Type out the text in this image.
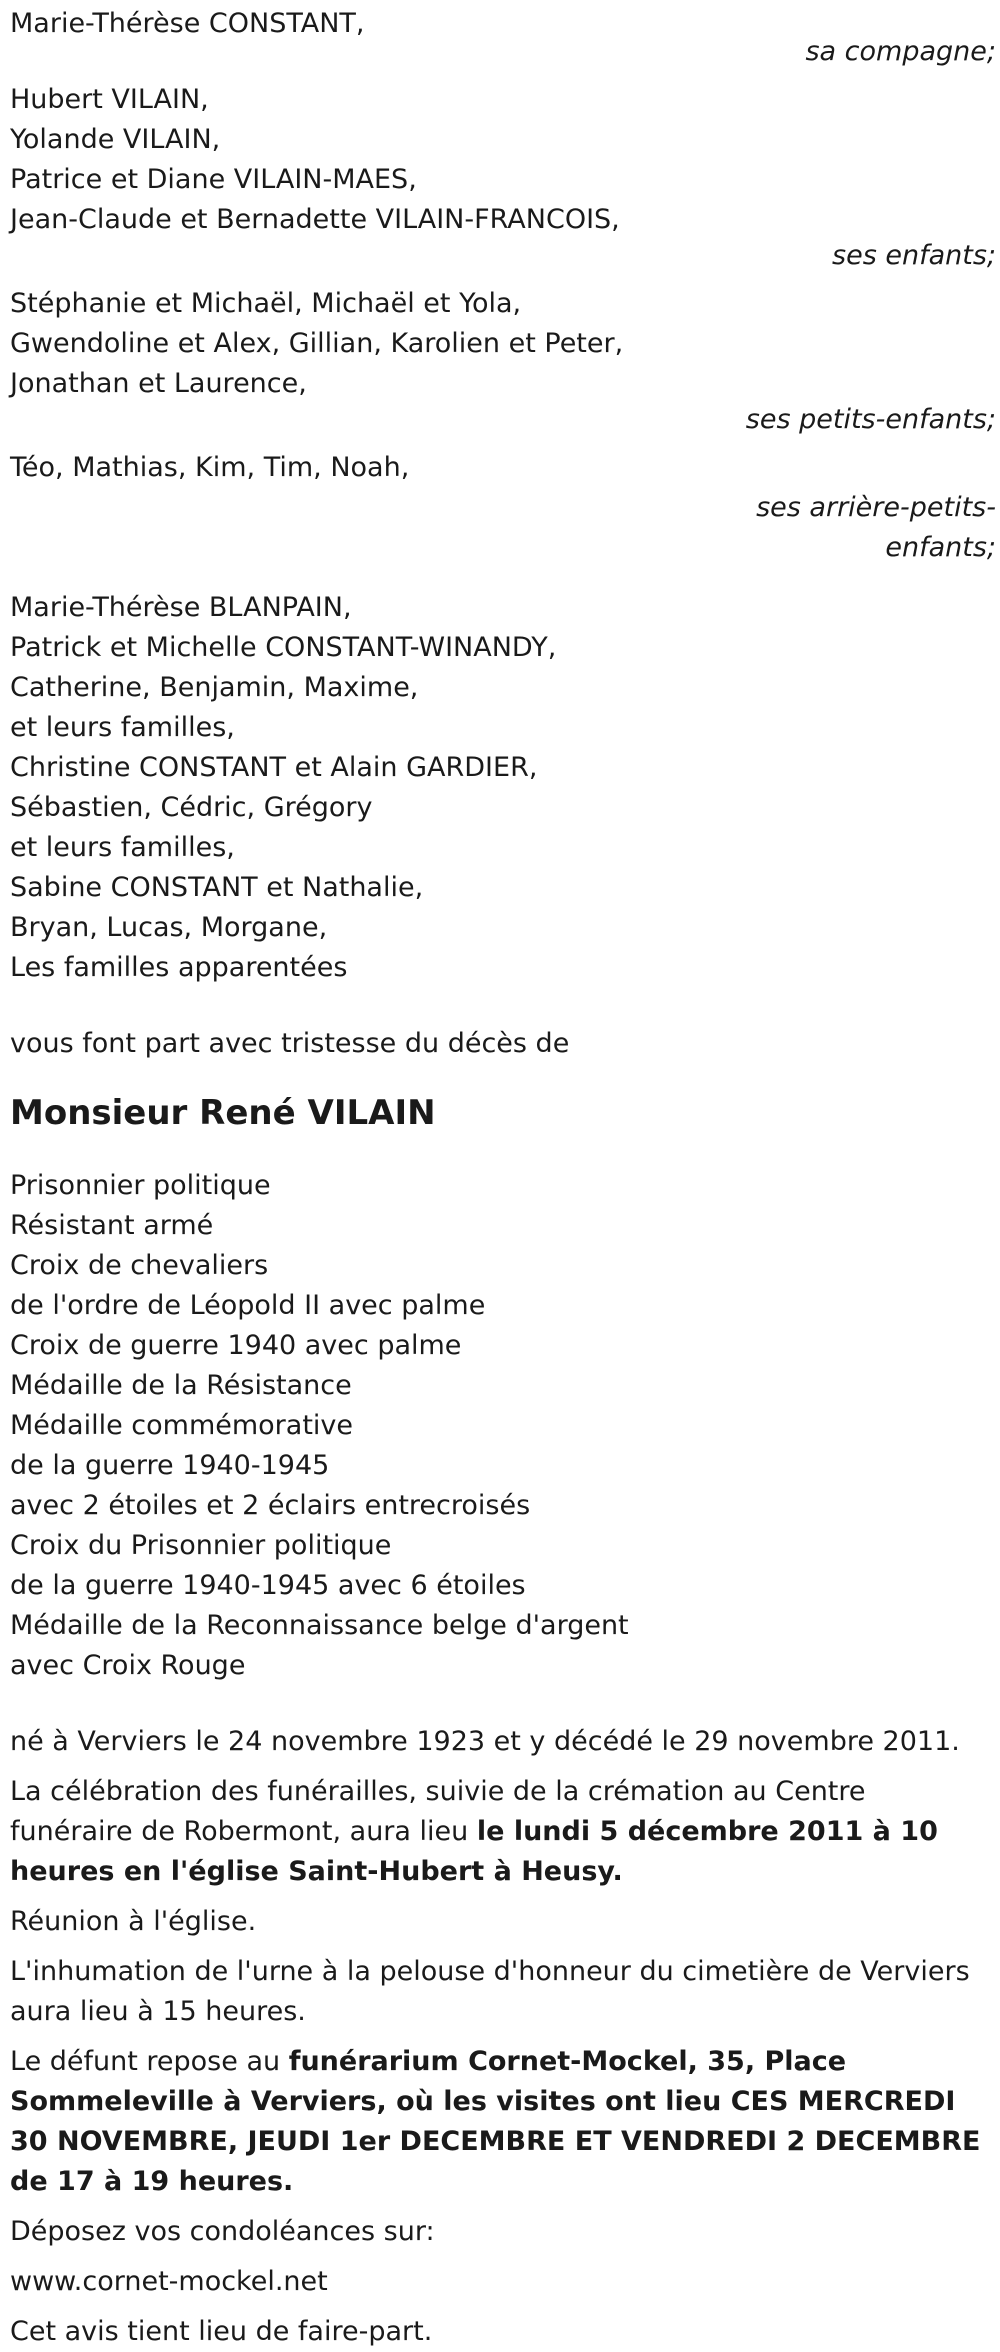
Marie-Thérèse CONSTANT,
sa compagne;
Hubert VILAIN,
Yolande VILAIN,
Patrice et Diane VILAIN-MAES,
Jean-Claude et Bernadette VILAIN-FRANCOIS,
ses enfants;
Stéphanie et Michaël, Michaël et Yola,
Gwendoline et Alex, Gillian, Karolien et Peter,
Jonathan et Laurence,
ses petits-enfants;
Téo, Mathias, Kim, Tim, Noah,
ses arrière-petits-
enfants;
Marie-Thérèse BLANPAIN,
Patrick et Michelle CONSTANT-WINANDY,
Catherine, Benjamin, Maxime,
et leurs familles,
Christine CONSTANT et Alain GARDIER,
Sébastien, Cédric, Grégory
et leurs familles,
Sabine CONSTANT et Nathalie,
Bryan, Lucas, Morgane,
Les familles apparentées
vous font part avec tristesse du décès de
Monsieur René VILAIN
Prisonnier politique
Résistant armé
Croix de chevaliers
de l'ordre de Léopold II avec palme
Croix de guerre 1940 avec palme
Médaille de la Résistance
Médaille commémorative
de la guerre 1940-1945
avec 2 étoiles et 2 éclairs entrecroisés
Croix du Prisonnier politique
de la guerre 1940-1945 avec 6 étoiles
Médaille de la Reconnaissance belge d'argent
avec Croix Rouge
né à Verviers le 24 novembre 1923 et y décédé le 29 novembre 2011.
La célébration des funérailles, suivie de la crémation au Centre funéraire de Robermont, aura lieu le lundi 5 décembre 2011 à 10 heures en l'église Saint-Hubert à Heusy.
Réunion à l'église.
L'inhumation de l'urne à la pelouse d'honneur du cimetière de Verviers aura lieu à 15 heures.
Le défunt repose au funérarium Cornet-Mockel, 35, Place Sommeleville à Verviers, où les visites ont lieu CES MERCREDI 30 NOVEMBRE, JEUDI 1er DECEMBRE ET VENDREDI 2 DECEMBRE de 17 à 19 heures.
Déposez vos condoléances sur:
www.cornet-mockel.net
Cet avis tient lieu de faire-part.
